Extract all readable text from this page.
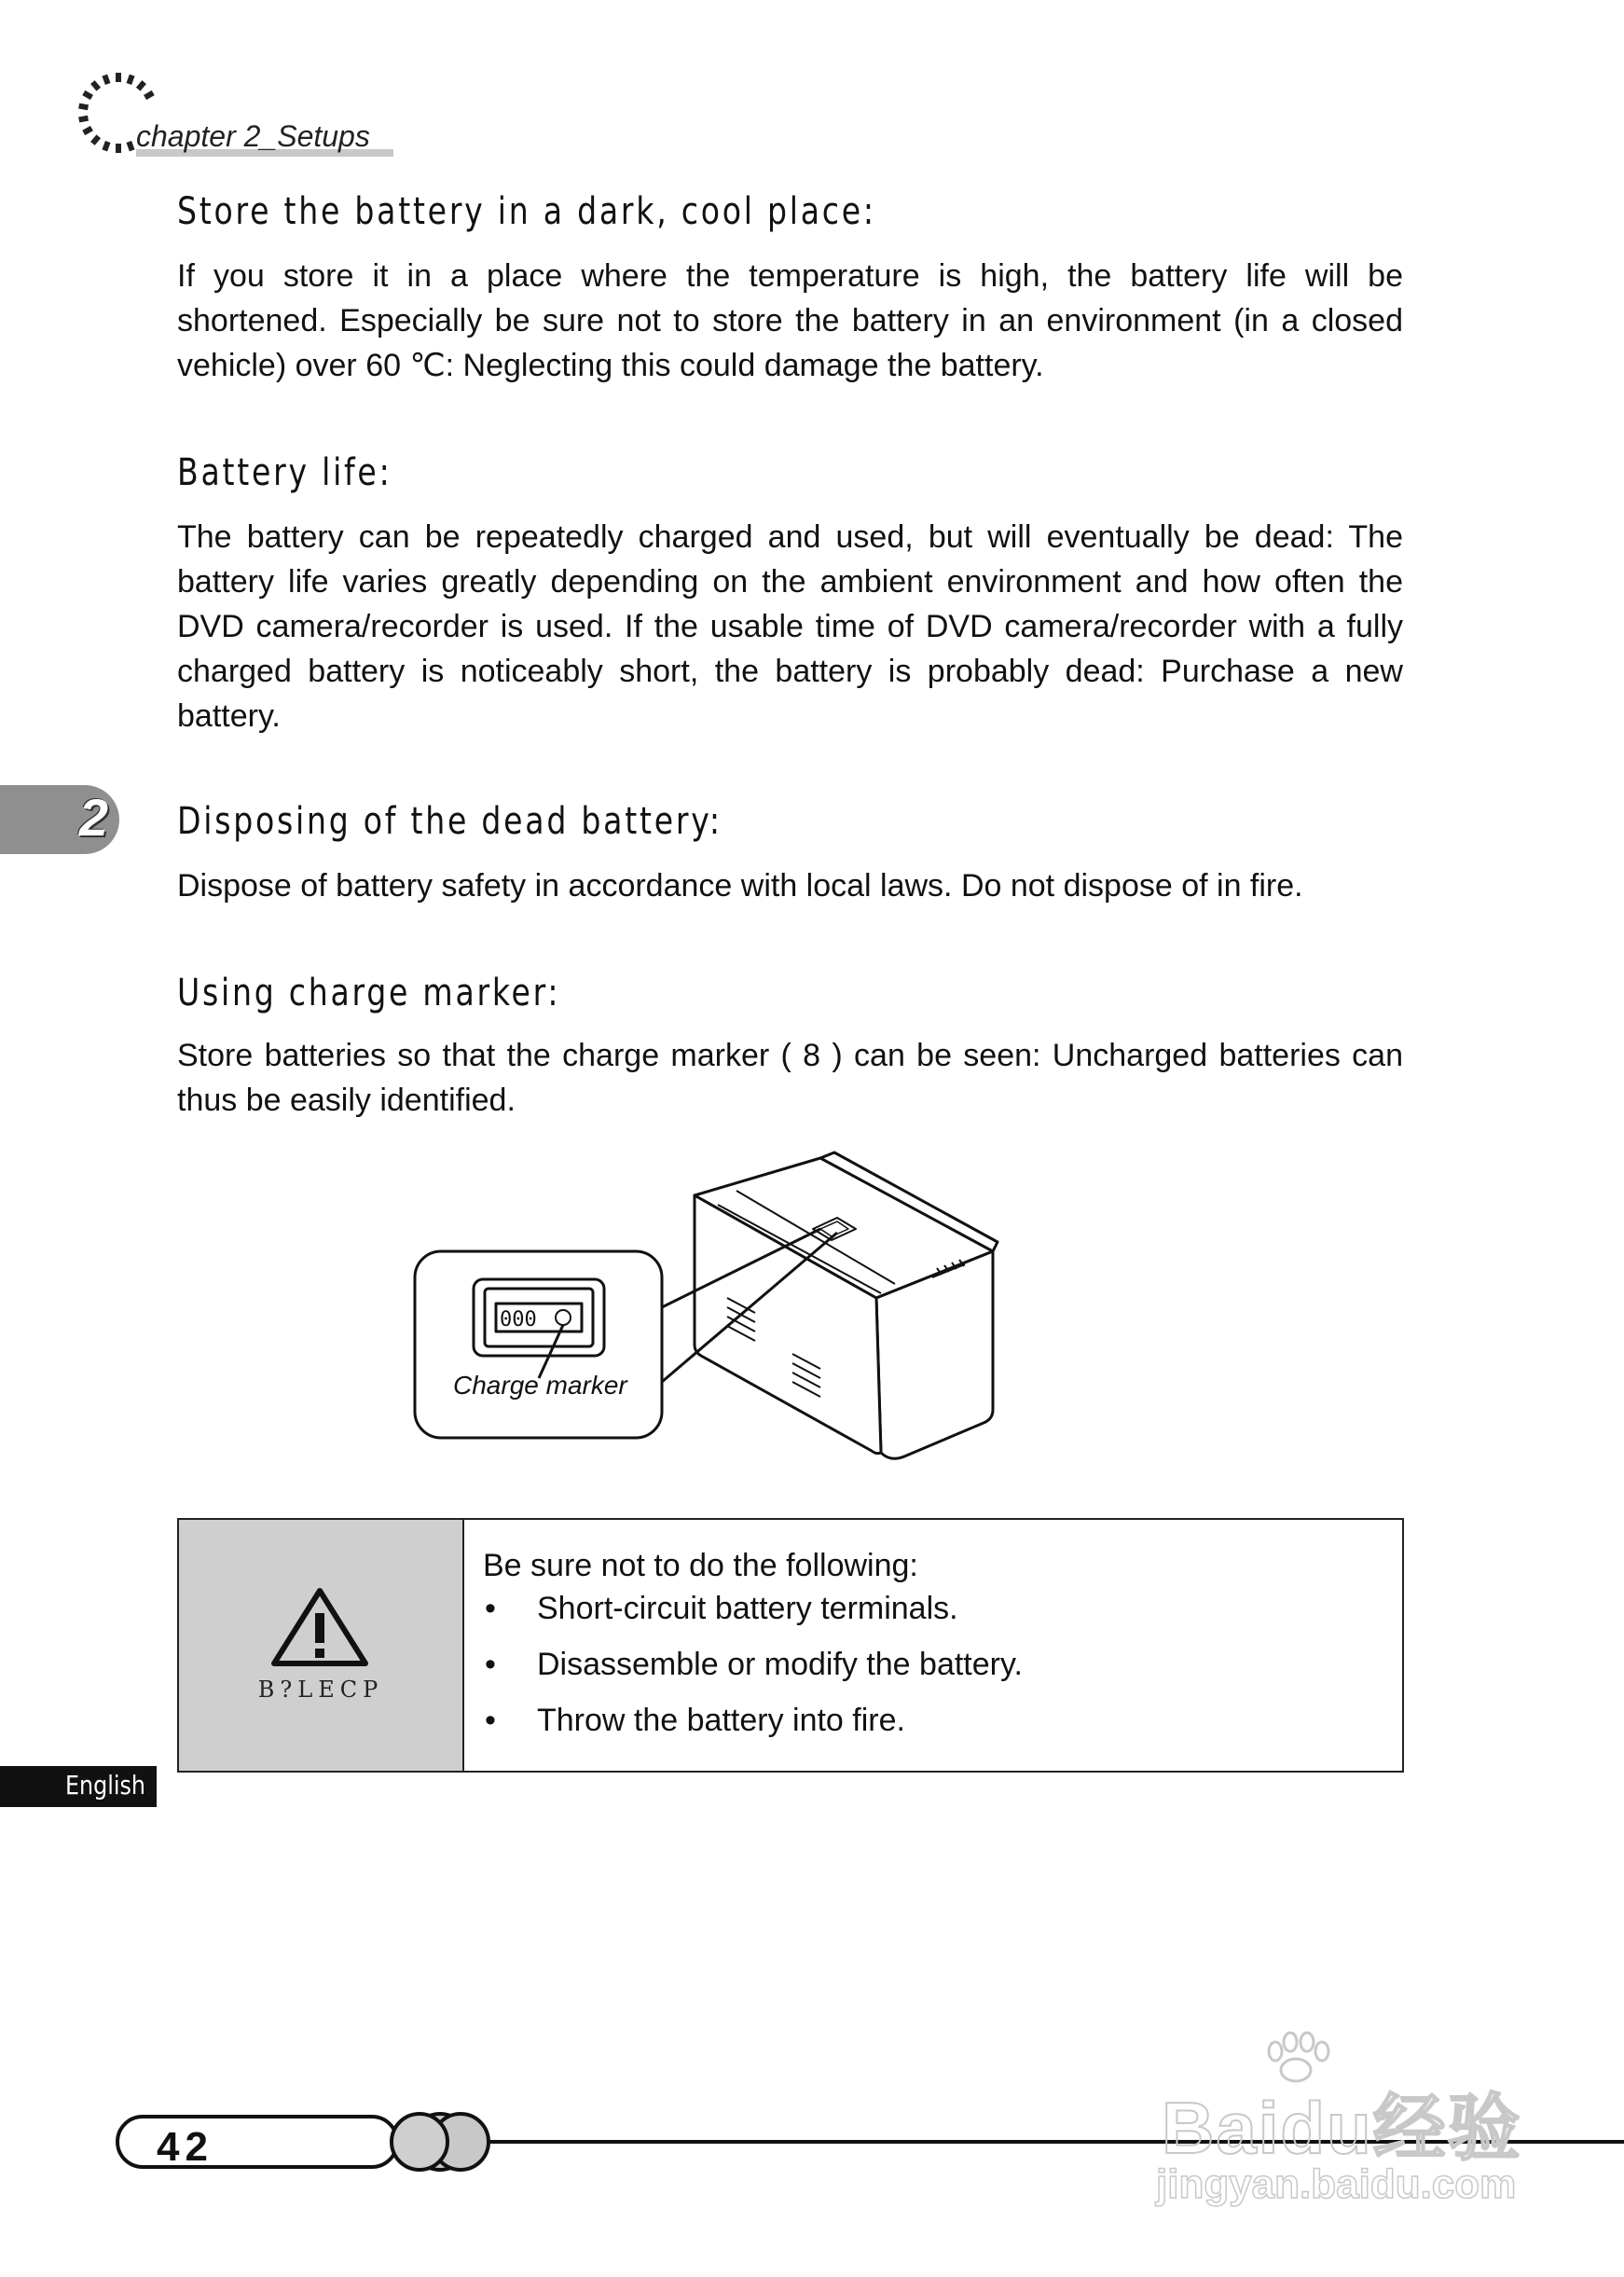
chapter 2_Setups
Store the battery in a dark, cool place:
If you store it in a place where the temperature is high, the battery life will be shortened. Especially be sure not to store the battery in an environment (in a closed vehicle) over 60 ℃: Neglecting this could damage the battery.
Battery life:
The battery can be repeatedly charged and used, but will eventually be dead: The battery life varies greatly depending on the ambient environment and how often the DVD camera/recorder is used. If the usable time of DVD camera/recorder with a fully charged battery is noticeably short, the battery is probably dead: Purchase a new battery.
2 Disposing of the dead battery:
Dispose of battery safety in accordance with local laws. Do not dispose of in fire.
Using charge marker:
Store batteries so that the charge marker ( 8 ) can be seen: Uncharged batteries can thus be easily identified.
000
Charge marker
B?LECP
Be sure not to do the following:
• Short-circuit battery terminals.
• Disassemble or modify the battery.
• Throw the battery into fire.
English
42	Baidu经验
jingyan.baidu.com
